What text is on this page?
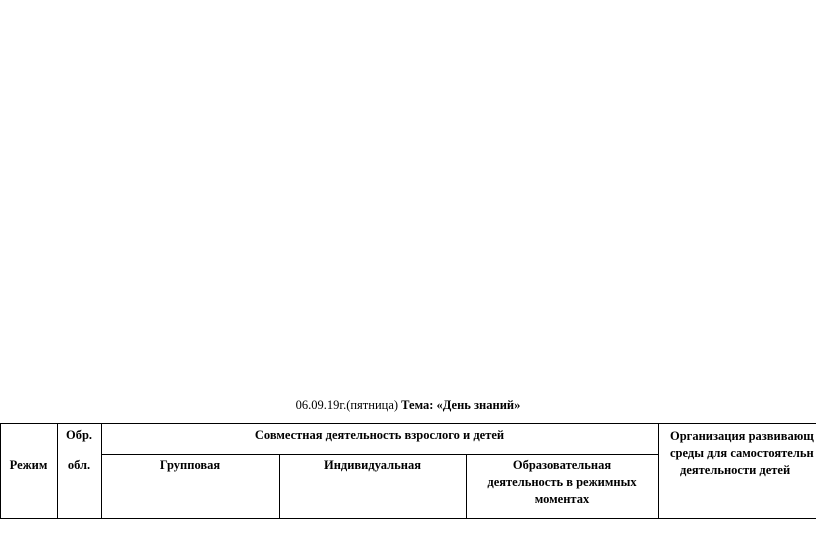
06.09.19г.(пятница) Тема: «День знаний»
Режим
Обр.
обл.
Совместная деятельность взрослого и детей
Групповая	Индивидуальная	Образовательная
деятельность в режимных
моментах
Организация развивающ
среды для самостоятельн
деятельности детей
